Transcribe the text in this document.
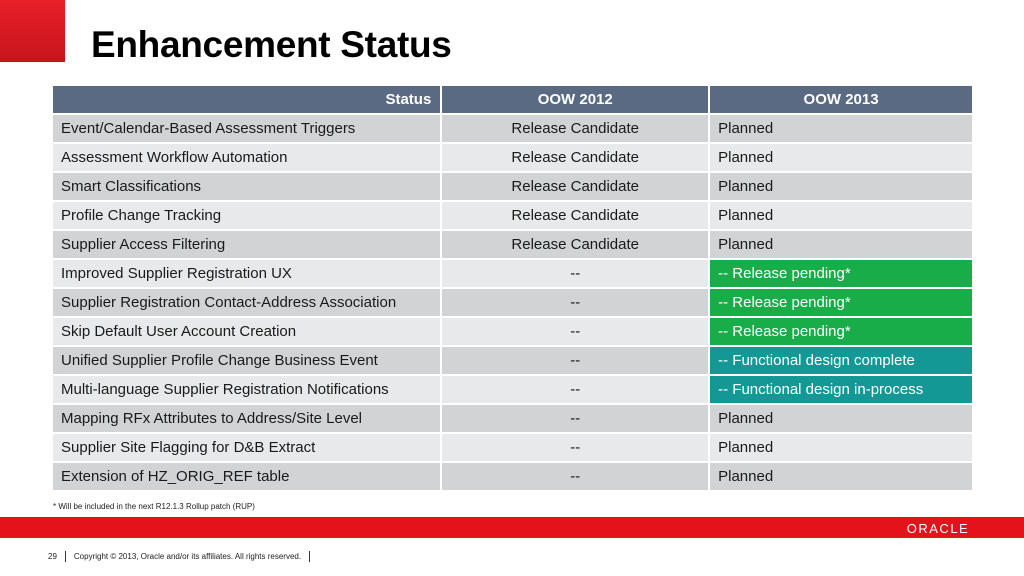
Enhancement Status
Status	OOW 2012	OOW 2013
Event/Calendar-Based Assessment Triggers	Release Candidate	Planned
Assessment Workflow Automation	Release Candidate	Planned
Smart Classifications	Release Candidate	Planned
Profile Change Tracking	Release Candidate	Planned
Supplier Access Filtering	Release Candidate	Planned
Improved Supplier Registration UX	--	-- Release pending*
Supplier Registration Contact-Address Association	--	-- Release pending*
Skip Default User Account Creation	--	-- Release pending*
Unified Supplier Profile Change Business Event	--	-- Functional design complete
Multi-language Supplier Registration Notifications	--	-- Functional design in-process
Mapping RFx Attributes to Address/Site Level	--	Planned
Supplier Site Flagging for D&B Extract	--	Planned
Extension of HZ_ORIG_REF table	--	Planned
* Will be included in the next R12.1.3 Rollup patch (RUP)
ORACLE
29 Copyright © 2013, Oracle and/or its affiliates. All rights reserved.
